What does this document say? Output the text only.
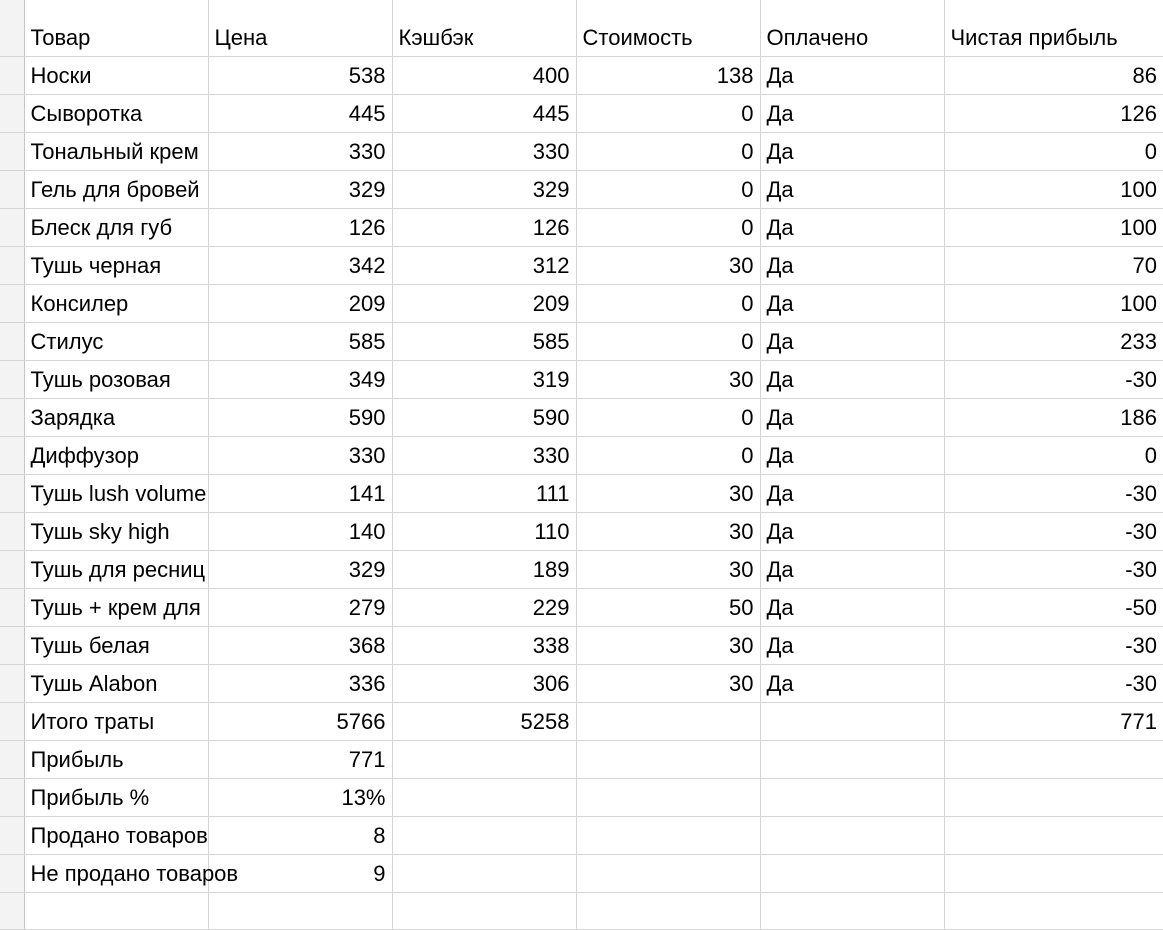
	Товар	Цена	Кэшбэк	Стоимость	Оплачено	Чистая прибыль
	Носки	538	400	138	Да	86
	Сыворотка	445	445	0	Да	126
	Тональный крем	330	330	0	Да	0
	Гель для бровей	329	329	0	Да	100
	Блеск для губ	126	126	0	Да	100
	Тушь черная	342	312	30	Да	70
	Консилер	209	209	0	Да	100
	Стилус	585	585	0	Да	233
	Тушь розовая	349	319	30	Да	-30
	Зарядка	590	590	0	Да	186
	Диффузор	330	330	0	Да	0
	Тушь lush volume	141	111	30	Да	-30
	Тушь sky high	140	110	30	Да	-30
	Тушь для ресниц	329	189	30	Да	-30
	Тушь + крем для	279	229	50	Да	-50
	Тушь белая	368	338	30	Да	-30
	Тушь Alabon	336	306	30	Да	-30
	Итого траты	5766	5258			771
	Прибыль	771				
	Прибыль %	13%				
	Продано товаров	8				
	Не продано товаров	9				
